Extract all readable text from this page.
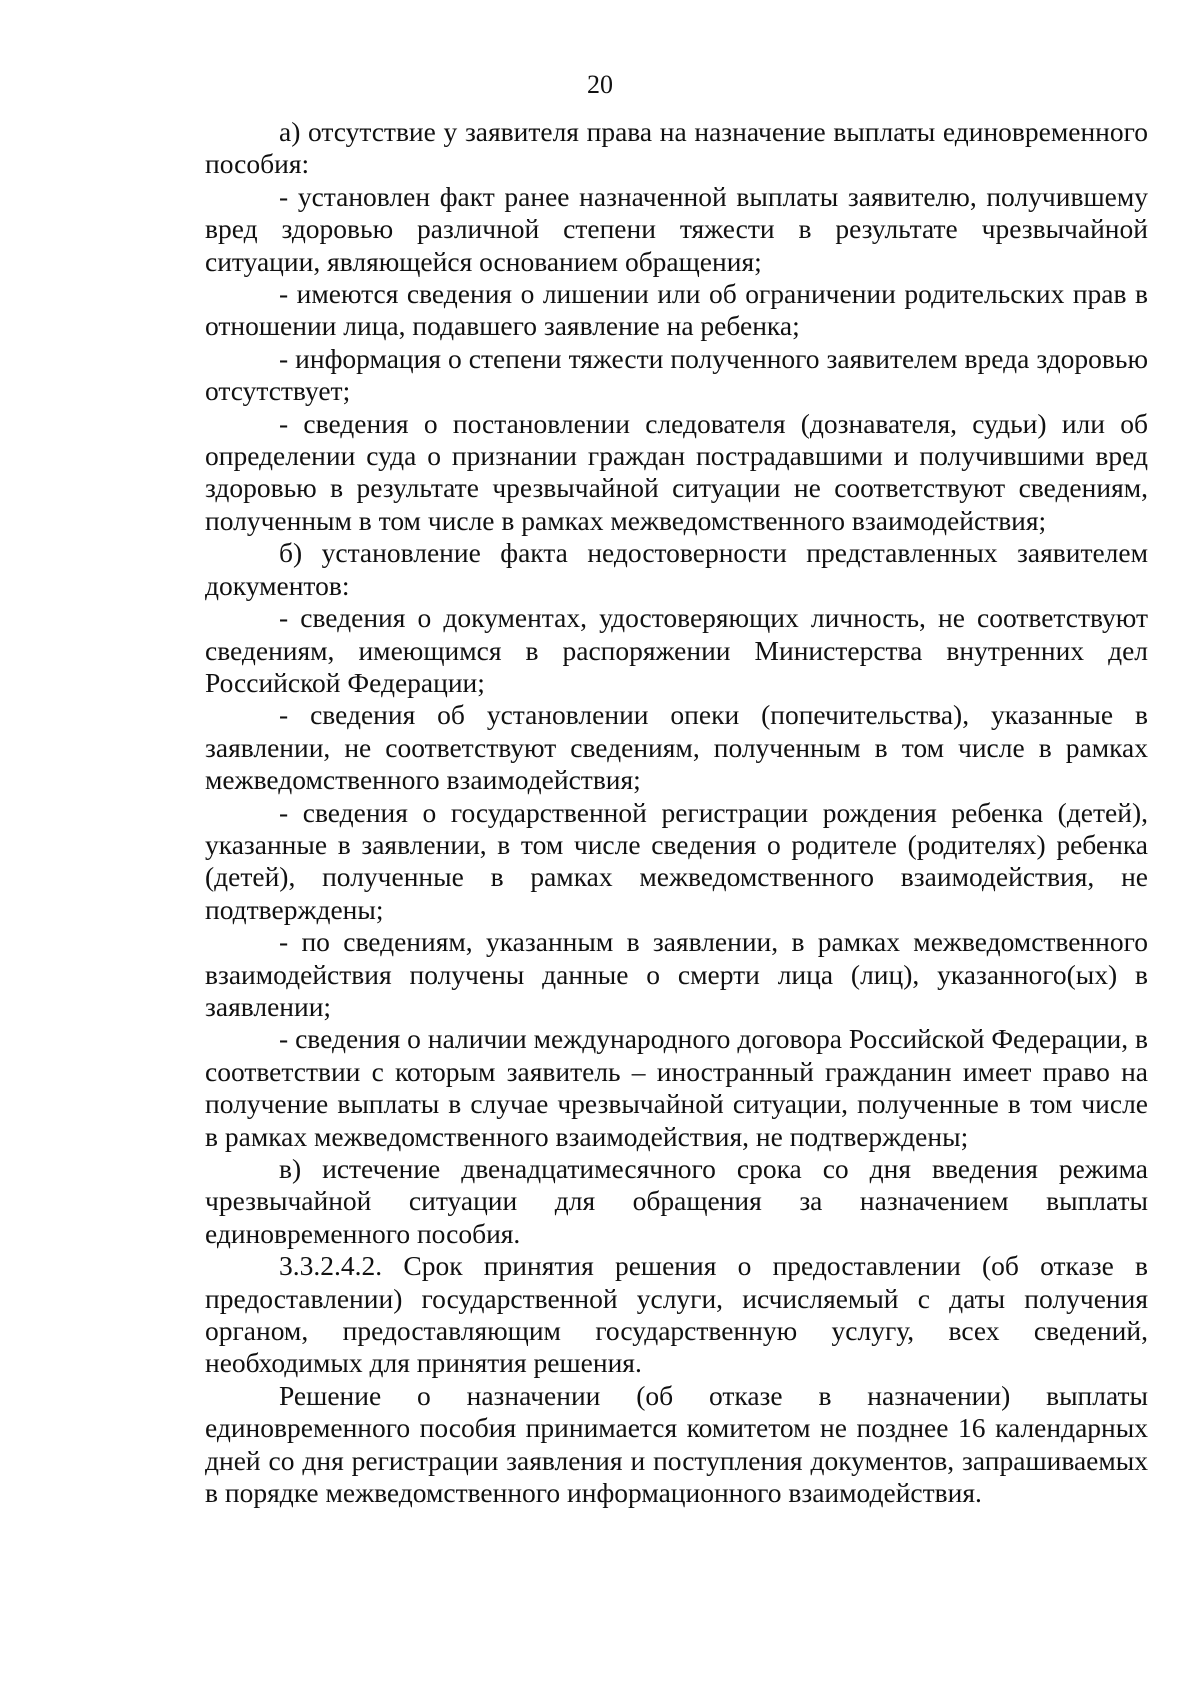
20

а) отсутствие у заявителя права на назначение выплаты единовременного пособия:

- установлен факт ранее назначенной выплаты заявителю, получившему вред здоровью различной степени тяжести в результате чрезвычайной ситуации, являющейся основанием обращения;

- имеются сведения о лишении или об ограничении родительских прав в отношении лица, подавшего заявление на ребенка;

- информация о степени тяжести полученного заявителем вреда здоровью отсутствует;

- сведения о постановлении следователя (дознавателя, судьи) или об определении суда о признании граждан пострадавшими и получившими вред здоровью в результате чрезвычайной ситуации не соответствуют сведениям, полученным в том числе в рамках межведомственного взаимодействия;

б) установление факта недостоверности представленных заявителем документов:

- сведения о документах, удостоверяющих личность, не соответствуют сведениям, имеющимся в распоряжении Министерства внутренних дел Российской Федерации;

- сведения об установлении опеки (попечительства), указанные в заявлении, не соответствуют сведениям, полученным в том числе в рамках межведомственного взаимодействия;

- сведения о государственной регистрации рождения ребенка (детей), указанные в заявлении, в том числе сведения о родителе (родителях) ребенка (детей), полученные в рамках межведомственного взаимодействия, не подтверждены;

- по сведениям, указанным в заявлении, в рамках межведомственного взаимодействия получены данные о смерти лица (лиц), указанного(ых) в заявлении;

- сведения о наличии международного договора Российской Федерации, в соответствии с которым заявитель – иностранный гражданин имеет право на получение выплаты в случае чрезвычайной ситуации, полученные в том числе в рамках межведомственного взаимодействия, не подтверждены;

в) истечение двенадцатимесячного срока со дня введения режима чрезвычайной ситуации для обращения за назначением выплаты единовременного пособия.

3.3.2.4.2. Срок принятия решения о предоставлении (об отказе в предоставлении) государственной услуги, исчисляемый с даты получения органом, предоставляющим государственную услугу, всех сведений, необходимых для принятия решения.

Решение о назначении (об отказе в назначении) выплаты единовременного пособия принимается комитетом не позднее 16 календарных дней со дня регистрации заявления и поступления документов, запрашиваемых в порядке межведомственного информационного взаимодействия.
